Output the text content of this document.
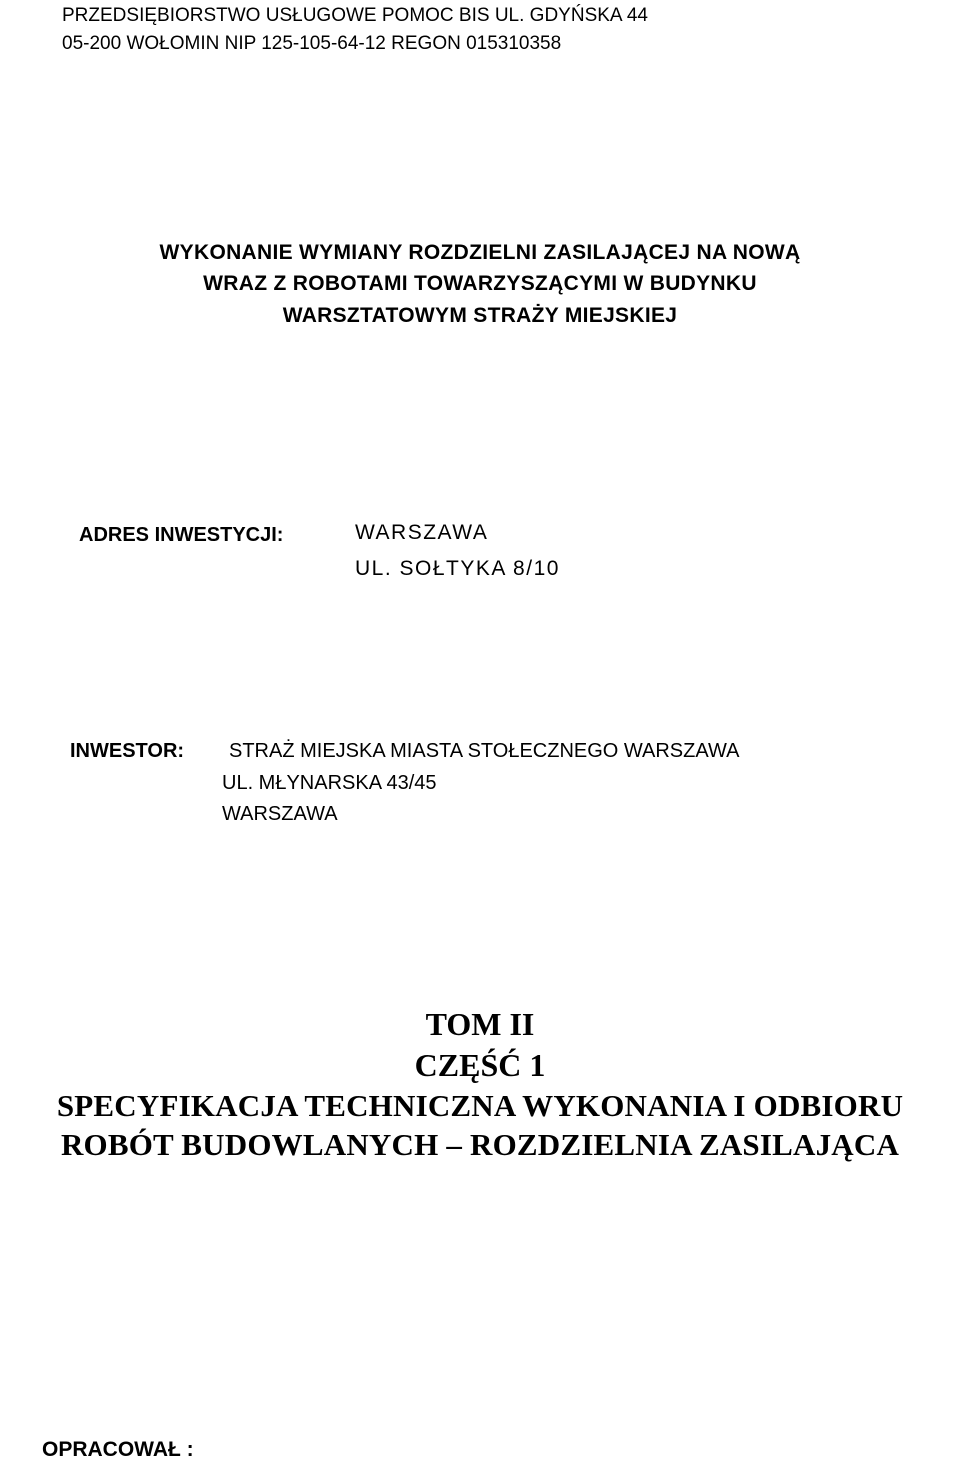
PRZEDSIĘBIORSTWO USŁUGOWE POMOC BIS UL. GDYŃSKA 44
05-200 WOŁOMIN NIP 125-105-64-12 REGON 015310358
WYKONANIE WYMIANY ROZDZIELNI ZASILAJĄCEJ NA NOWĄ
WRAZ Z ROBOTAMI TOWARZYSZĄCYMI W BUDYNKU
WARSZTATOWYM STRAŻY MIEJSKIEJ
ADRES INWESTYCJI:	WARSZAWA
UL. SOŁTYKA 8/10
INWESTOR: STRAŻ MIEJSKA MIASTA STOŁECZNEGO WARSZAWA
UL. MŁYNARSKA 43/45
WARSZAWA
TOM II
CZĘŚĆ 1
SPECYFIKACJA TECHNICZNA WYKONANIA I ODBIORU
ROBÓT BUDOWLANYCH – ROZDZIELNIA ZASILAJĄCA
OPRACOWAŁ :
